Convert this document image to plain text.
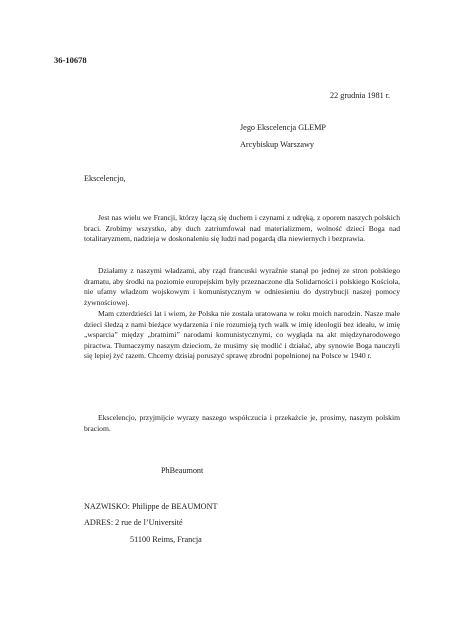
36-10678
22 grudnia 1981 r.
Jego Ekscelencja GLEMP
Arcybiskup Warszawy
Ekscelencjo,
Jest nas wielu we Francji, którzy łączą się duchem i czynami z udręką, z oporem naszych polskich braci. Zrobimy wszystko, aby duch zatriumfował nad materializmem, wolność dzieci Boga nad totalitaryzmem, nadzieja w doskonaleniu się ludzi nad pogardą dla niewiernych i bezprawia.
Działamy z naszymi władzami, aby rząd francuski wyraźnie stanął po jednej ze stron polskiego dramatu, aby środki na poziomie europejskim były przeznaczone dla Solidarności i polskiego Kościoła, nie ufamy władzom wojskowym i komunistycznym w odniesieniu do dystrybucji naszej pomocy żywnościowej.
Mam czterdzieści lat i wiem, że Polska nie została uratowana w roku moich narodzin. Nasze małe dzieci śledzą z nami bieżące wydarzenia i nie rozumieją tych walk w imię ideologii bez ideału, w imię „wsparcia” między „bratnimi” narodami komunistycznymi, co wygląda na akt międzynarodowego piractwa. Tłumaczymy naszym dzieciom, że musimy się modlić i działać, aby synowie Boga nauczyli się lepiej żyć razem. Chcemy dzisiaj poruszyć sprawę zbrodni popełnionej na Polsce w 1940 r.
Ekscelencjo, przyjmijcie wyrazy naszego współczucia i przekażcie je, prosimy, naszym polskim braciom.
PhBeaumont
NAZWISKO: Philippe de BEAUMONT
ADRES: 2 rue de l’Université
51100 Reims, Francja
